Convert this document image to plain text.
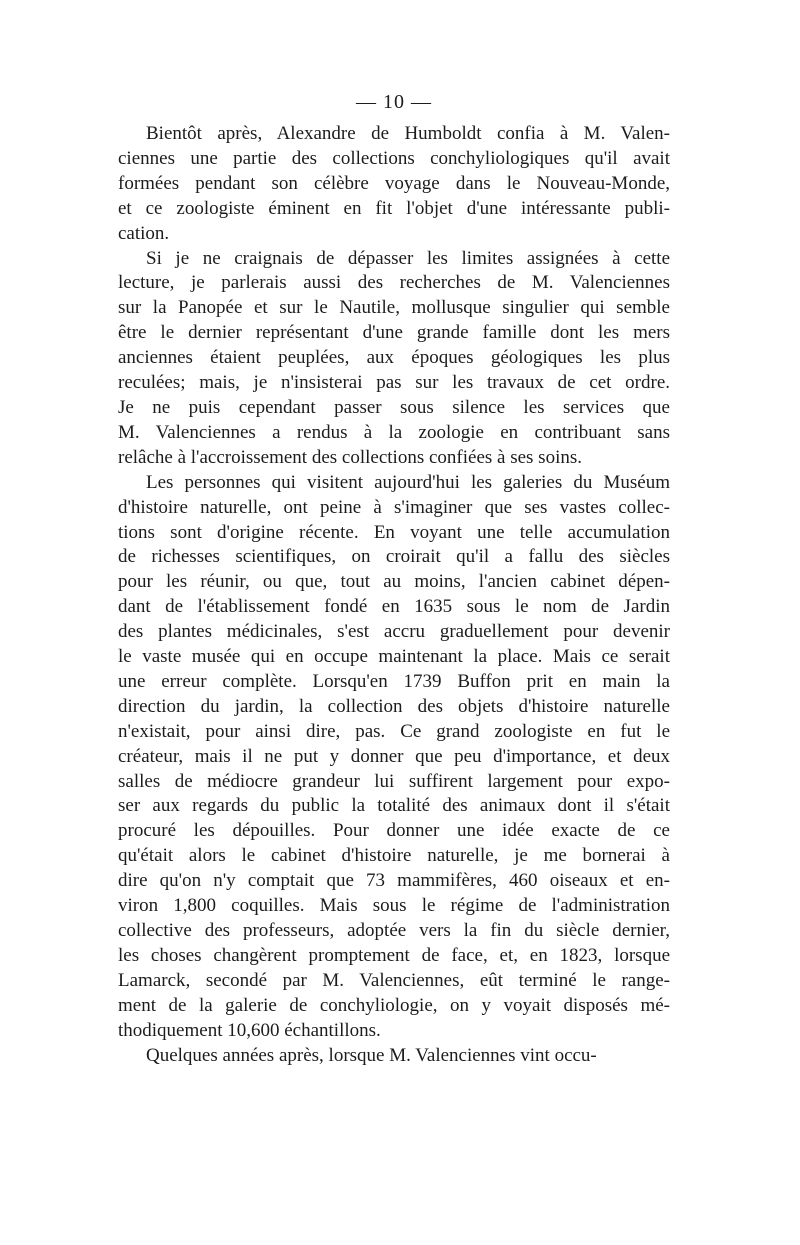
— 10 —

Bientôt après, Alexandre de Humboldt confia à M. Valen-
ciennes une partie des collections conchyliologiques qu'il avait
formées pendant son célèbre voyage dans le Nouveau-Monde,
et ce zoologiste éminent en fit l'objet d'une intéressante publi-
cation.

Si je ne craignais de dépasser les limites assignées à cette
lecture, je parlerais aussi des recherches de M. Valenciennes
sur la Panopée et sur le Nautile, mollusque singulier qui semble
être le dernier représentant d'une grande famille dont les mers
anciennes étaient peuplées, aux époques géologiques les plus
reculées; mais, je n'insisterai pas sur les travaux de cet ordre.
Je ne puis cependant passer sous silence les services que
M. Valenciennes a rendus à la zoologie en contribuant sans
relâche à l'accroissement des collections confiées à ses soins.

Les personnes qui visitent aujourd'hui les galeries du Muséum
d'histoire naturelle, ont peine à s'imaginer que ses vastes collec-
tions sont d'origine récente. En voyant une telle accumulation
de richesses scientifiques, on croirait qu'il a fallu des siècles
pour les réunir, ou que, tout au moins, l'ancien cabinet dépen-
dant de l'établissement fondé en 1635 sous le nom de Jardin
des plantes médicinales, s'est accru graduellement pour devenir
le vaste musée qui en occupe maintenant la place. Mais ce serait
une erreur complète. Lorsqu'en 1739 Buffon prit en main la
direction du jardin, la collection des objets d'histoire naturelle
n'existait, pour ainsi dire, pas. Ce grand zoologiste en fut le
créateur, mais il ne put y donner que peu d'importance, et deux
salles de médiocre grandeur lui suffirent largement pour expo-
ser aux regards du public la totalité des animaux dont il s'était
procuré les dépouilles. Pour donner une idée exacte de ce
qu'était alors le cabinet d'histoire naturelle, je me bornerai à
dire qu'on n'y comptait que 73 mammifères, 460 oiseaux et en-
viron 1,800 coquilles. Mais sous le régime de l'administration
collective des professeurs, adoptée vers la fin du siècle dernier,
les choses changèrent promptement de face, et, en 1823, lorsque
Lamarck, secondé par M. Valenciennes, eût terminé le range-
ment de la galerie de conchyliologie, on y voyait disposés mé-
thodiquement 10,600 échantillons.

Quelques années après, lorsque M. Valenciennes vint occu-
